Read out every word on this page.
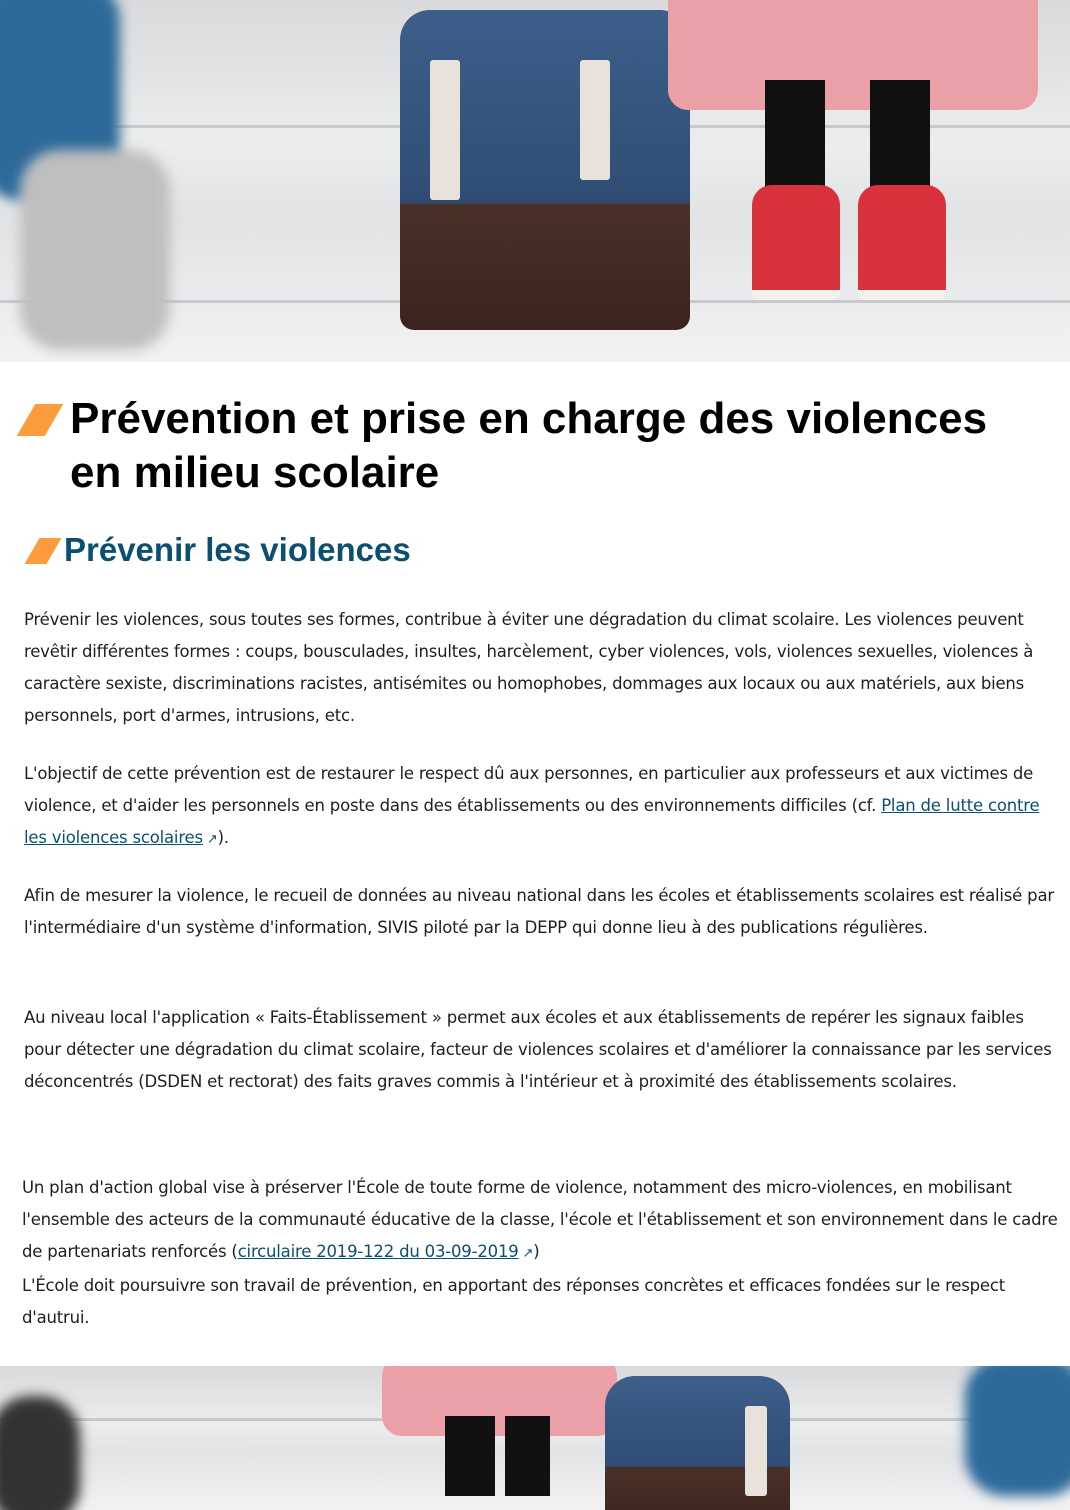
Prévention et prise en charge des violences en milieu scolaire
Prévenir les violences

Prévenir les violences, sous toutes ses formes, contribue à éviter une dégradation du climat scolaire. Les violences peuvent revêtir différentes formes : coups, bousculades, insultes, harcèlement, cyber violences, vols, violences sexuelles, violences à caractère sexiste, discriminations racistes, antisémites ou homophobes, dommages aux locaux ou aux matériels, aux biens personnels, port d'armes, intrusions, etc.

L'objectif de cette prévention est de restaurer le respect dû aux personnes, en particulier aux professeurs et aux victimes de violence, et d'aider les personnels en poste dans des établissements ou des environnements difficiles (cf. Plan de lutte contre les violences scolaires ↗).

Afin de mesurer la violence, le recueil de données au niveau national dans les écoles et établissements scolaires est réalisé par l'intermédiaire d'un système d'information, SIVIS piloté par la DEPP qui donne lieu à des publications régulières.

Au niveau local l'application « Faits-Établissement » permet aux écoles et aux établissements de repérer les signaux faibles pour détecter une dégradation du climat scolaire, facteur de violences scolaires et d'améliorer la connaissance par les services déconcentrés (DSDEN et rectorat) des faits graves commis à l'intérieur et à proximité des établissements scolaires.

Un plan d'action global vise à préserver l'École de toute forme de violence, notamment des micro-violences, en mobilisant l'ensemble des acteurs de la communauté éducative de la classe, l'école et l'établissement et son environnement dans le cadre de partenariats renforcés (circulaire 2019-122 du 03-09-2019 ↗)
L'École doit poursuivre son travail de prévention, en apportant des réponses concrètes et efficaces fondées sur le respect d'autrui.
